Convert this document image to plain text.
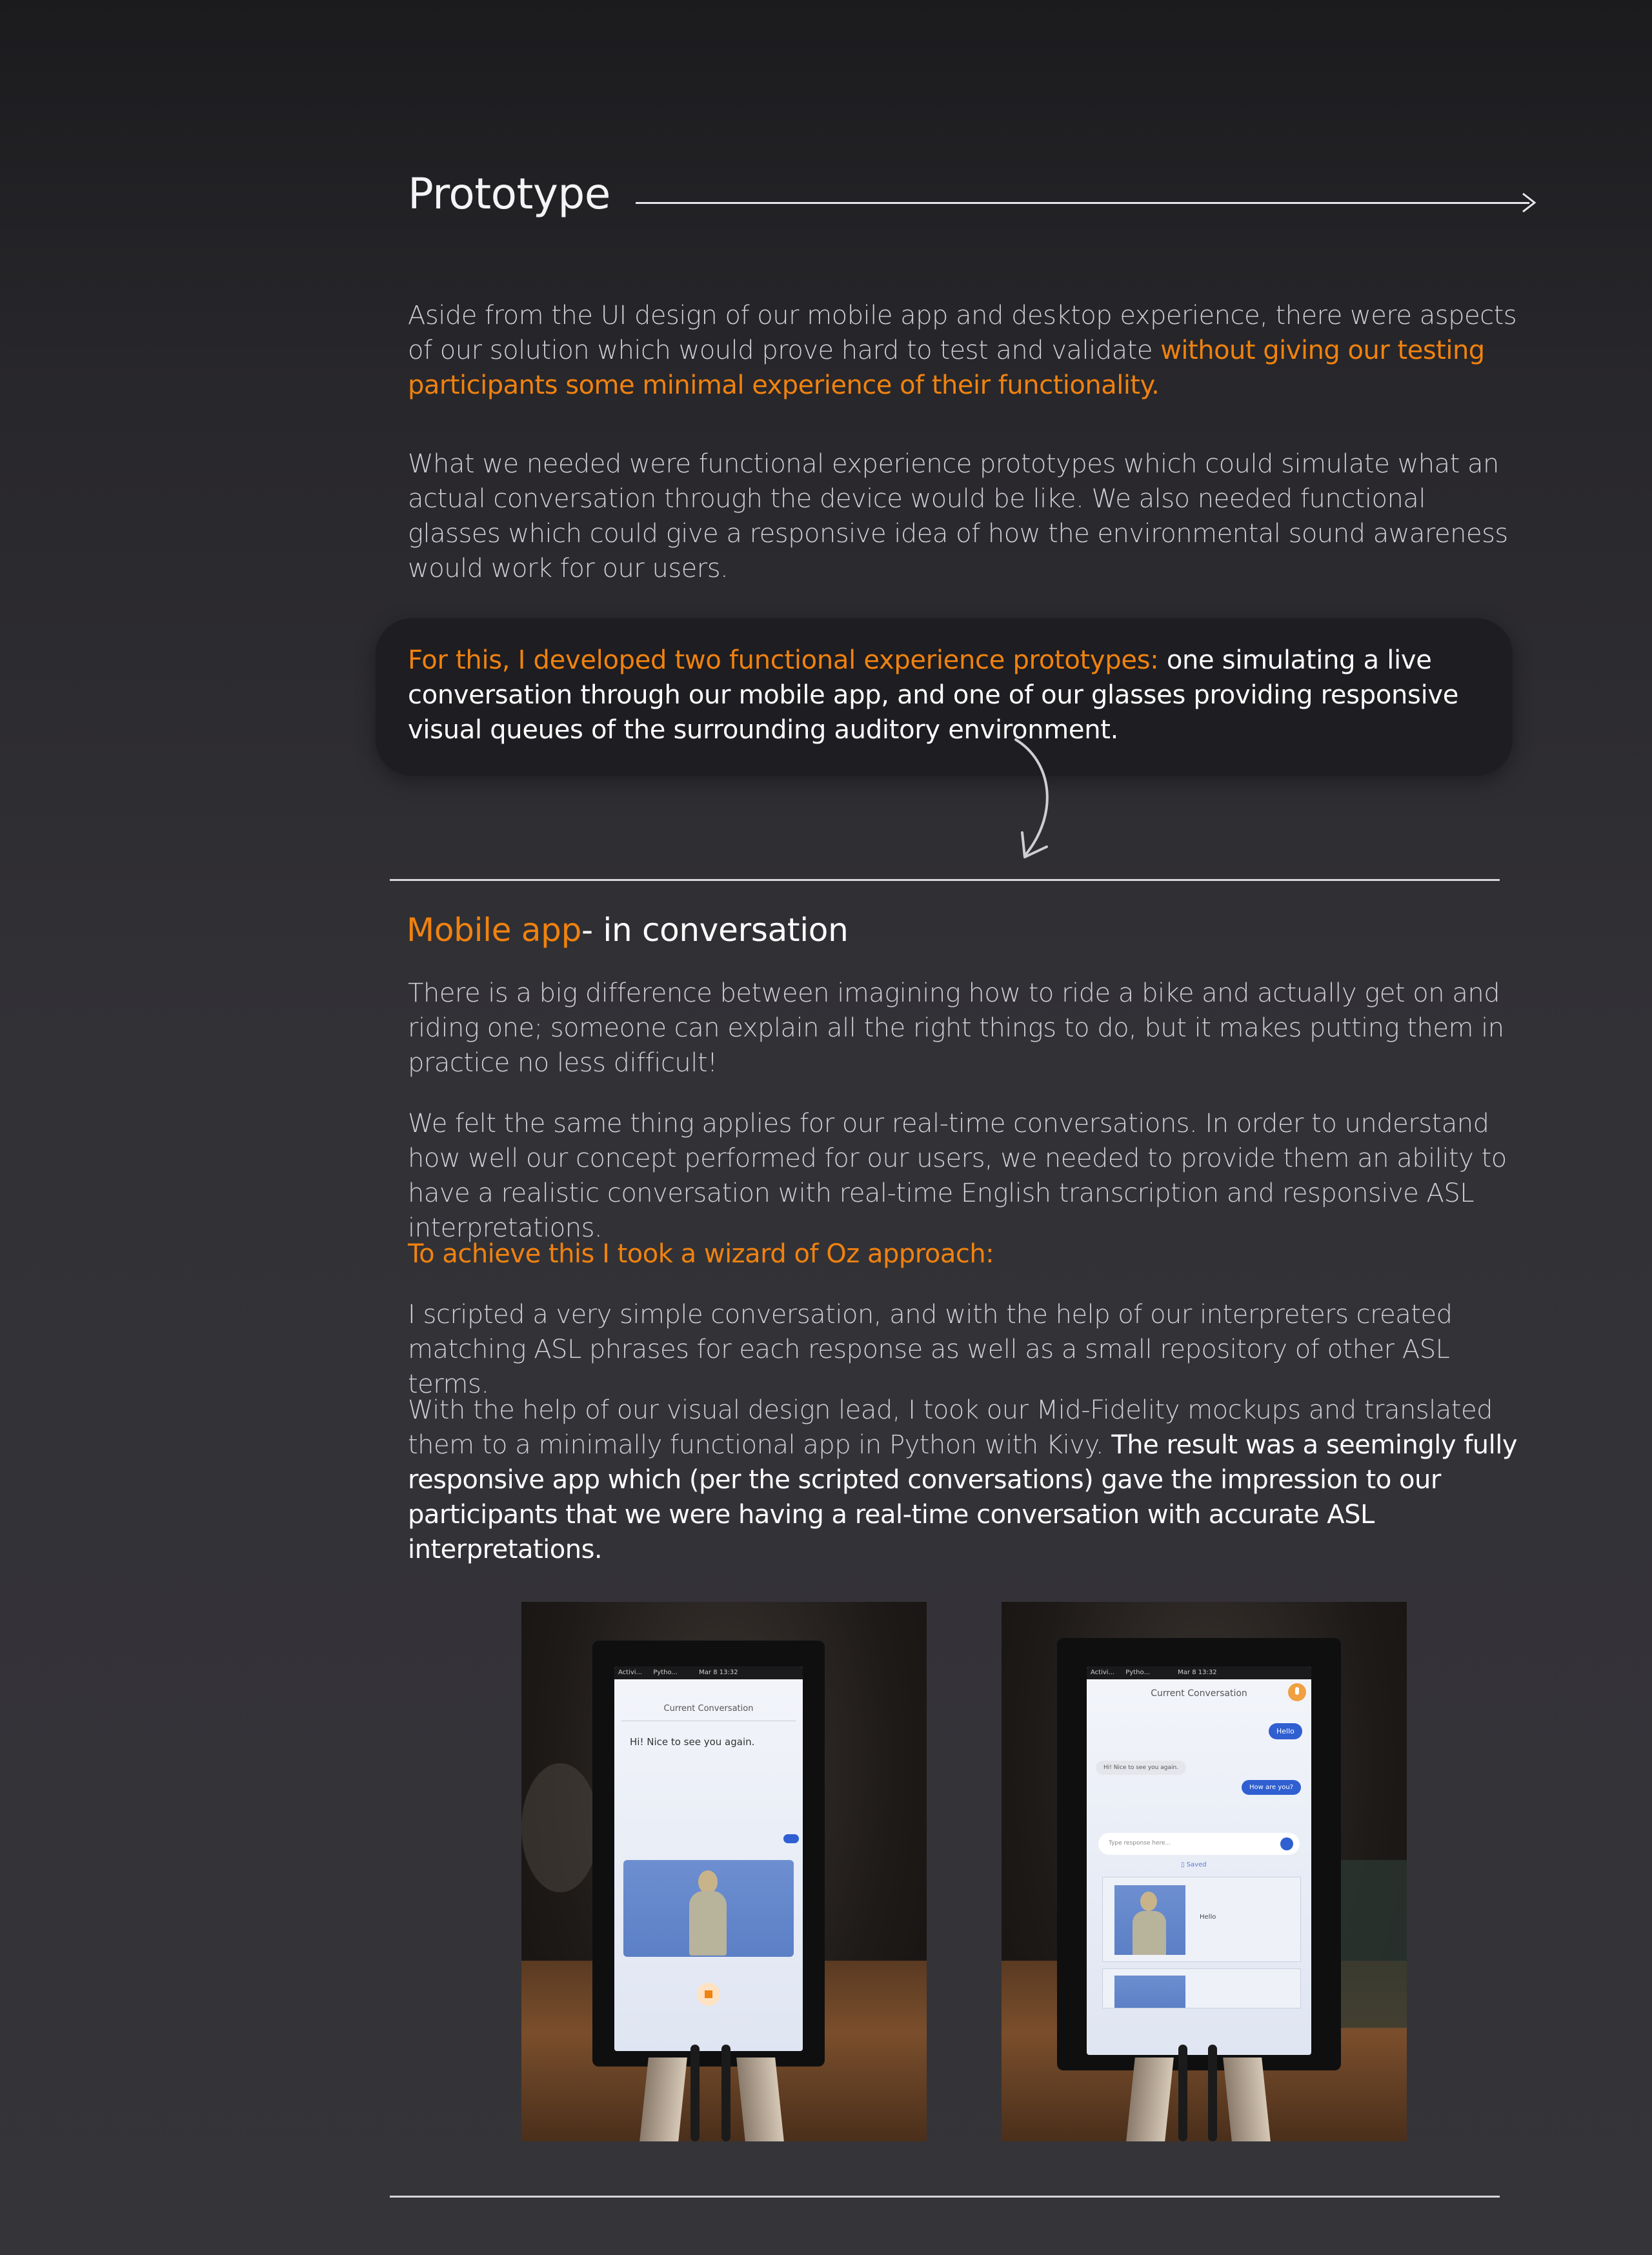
Prototype
Aside from the UI design of our mobile app and desktop experience, there were aspects of our solution which would prove hard to test and validate without giving our testing participants some minimal experience of their functionality.
What we needed were functional experience prototypes which could simulate what an actual conversation through the device would be like. We also needed functional glasses which could give a responsive idea of how the environmental sound awareness would work for our users.
For this, I developed two functional experience prototypes: one simulating a live conversation through our mobile app, and one of our glasses providing responsive visual queues of the surrounding auditory environment.
Mobile app- in conversation
There is a big difference between imagining how to ride a bike and actually get on and riding one; someone can explain all the right things to do, but it makes putting them in practice no less difficult!
We felt the same thing applies for our real-time conversations. In order to understand how well our concept performed for our users, we needed to provide them an ability to have a realistic conversation with real-time English transcription and responsive ASL interpretations.
To achieve this I took a wizard of Oz approach:
I scripted a very simple conversation, and with the help of our interpreters created matching ASL phrases for each response as well as a small repository of other ASL terms.
With the help of our visual design lead, I took our Mid-Fidelity mockups and translated them to a minimally functional app in Python with Kivy. The result was a seemingly fully responsive app which (per the scripted conversations) gave the impression to our participants that we were having a real-time conversation with accurate ASL interpretations.
Activi... Pytho...	Mar 8 13:32
Current Conversation
Hi! Nice to see you again.
Activi... Pytho...	Mar 8 13:32
Current Conversation
Hello
Hi! Nice to see you again.
How are you?
Type response here...
▯ Saved
Hello
